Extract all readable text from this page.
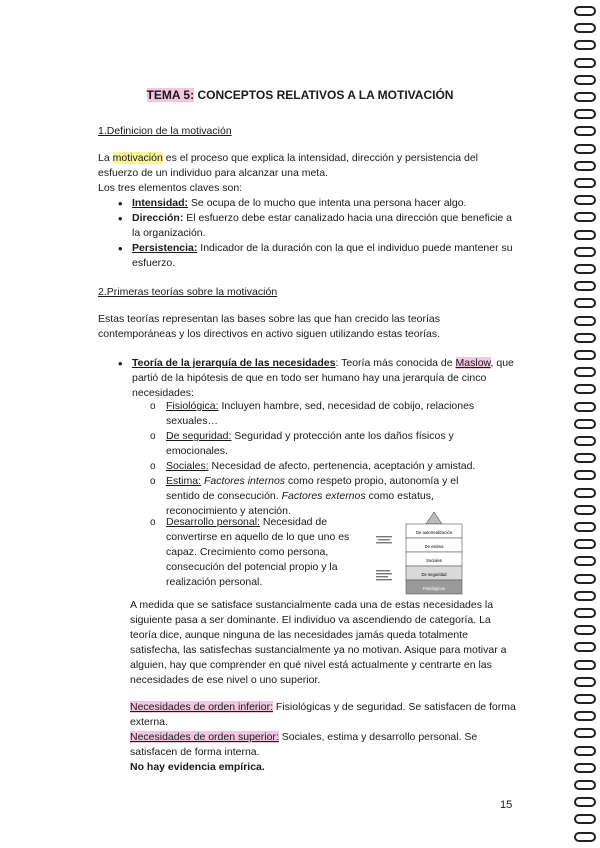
TEMA 5: CONCEPTOS RELATIVOS A LA MOTIVACIÓN
1.Definicion de la motivación
La motivación es el proceso que explica la intensidad, dirección y persistencia del esfuerzo de un individuo para alcanzar una meta.
Los tres elementos claves son:
• Intensidad: Se ocupa de lo mucho que intenta una persona hacer algo.
• Dirección: El esfuerzo debe estar canalizado hacia una dirección que beneficie a la organización.
• Persistencia: Indicador de la duración con la que el individuo puede mantener su esfuerzo.
2.Primeras teorías sobre la motivación
Estas teorías representan las bases sobre las que han crecido las teorías contemporáneas y los directivos en activo siguen utilizando estas teorías.
• Teoría de la jerarquía de las necesidades: Teoría más conocida de Maslow, que partió de la hipótesis de que en todo ser humano hay una jerarquía de cinco necesidades:
o Fisiológica: Incluyen hambre, sed, necesidad de cobijo, relaciones sexuales…
o De seguridad: Seguridad y protección ante los daños físicos y emocionales.
o Sociales: Necesidad de afecto, pertenencia, aceptación y amistad.
o Estima: Factores internos como respeto propio, autonomía y el sentido de consecución. Factores externos como estatus, reconocimiento y atención.
o Desarrollo personal: Necesidad de convertirse en aquello de lo que uno es capaz. Crecimiento como persona, consecución del potencial propio y la realización personal.
De autorrealización
De estima
Sociales
De seguridad
Fisiológicas
A medida que se satisface sustancialmente cada una de estas necesidades la siguiente pasa a ser dominante. El individuo va ascendiendo de categoría. La teoría dice, aunque ninguna de las necesidades jamás queda totalmente satisfecha, las satisfechas sustancialmente ya no motivan. Asique para motivar a alguien, hay que comprender en qué nivel está actualmente y centrarte en las necesidades de ese nivel o uno superior.
Necesidades de orden inferior: Fisiológicas y de seguridad. Se satisfacen de forma externa.
Necesidades de orden superior: Sociales, estima y desarrollo personal. Se satisfacen de forma interna.
No hay evidencia empírica.
15
